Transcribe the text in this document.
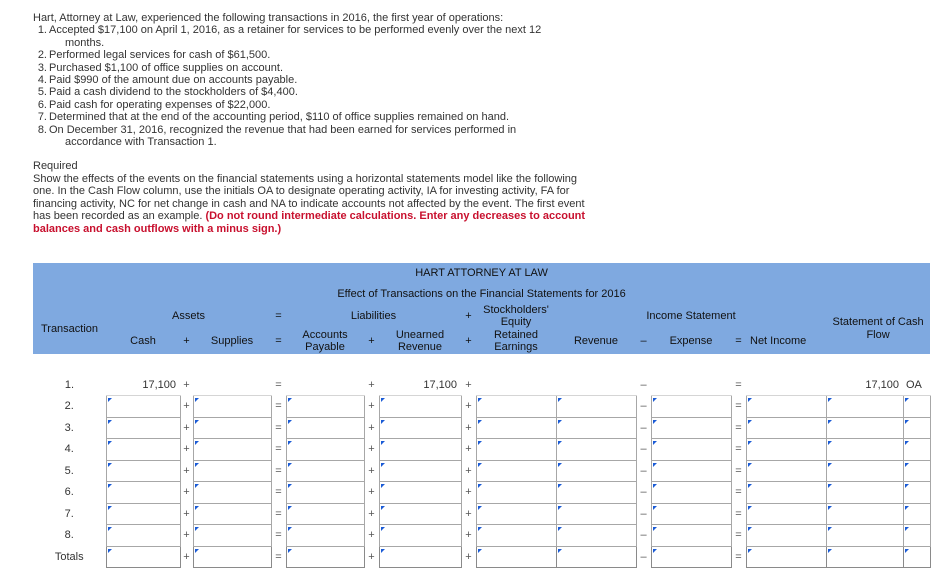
Hart, Attorney at Law, experienced the following transactions in 2016, the first year of operations:

1. Accepted $17,100 on April 1, 2016, as a retainer for services to be performed evenly over the next 12
months.
2. Performed legal services for cash of $61,500.
3. Purchased $1,100 of office supplies on account.
4. Paid $990 of the amount due on accounts payable.
5. Paid a cash dividend to the stockholders of $4,400.
6. Paid cash for operating expenses of $22,000.
7. Determined that at the end of the accounting period, $110 of office supplies remained on hand.
8. On December 31, 2016, recognized the revenue that had been earned for services performed in
accordance with Transaction 1.

Required

Show the effects of the events on the financial statements using a horizontal statements model like the following one. In the Cash Flow column, use the initials OA to designate operating activity, IA for investing activity, FA for financing activity, NC for net change in cash and NA to indicate accounts not affected by the event. The first event has been recorded as an example. (Do not round intermediate calculations. Enter any decreases to account balances and cash outflows with a minus sign.)

HART ATTORNEY AT LAW																
Effect of Transactions on the Financial Statements for 2016																
Transaction	Assets			=	Liabilities			+	Stockholders'
Equity	Income Statement					Statement of Cash
Flow	
	Cash	+	Supplies	=	Accounts
Payable	+	Unearned
Revenue	+	Retained
Earnings	Revenue	–	Expense	=	Net Income		

1.	17,100	+		=		+	17,100	+			–		=		17,100	OA
2.		+		=		+		+			–		=	

3.		+		=		+		+			–		=	

4.		+		=		+		+			–		=	

5.		+		=		+		+			–		=	

6.		+		=		+		+			–		=	

7.		+		=		+		+			–		=	

8.		+		=		+		+			–		=	

Totals		+		=		+		+			–		=	
